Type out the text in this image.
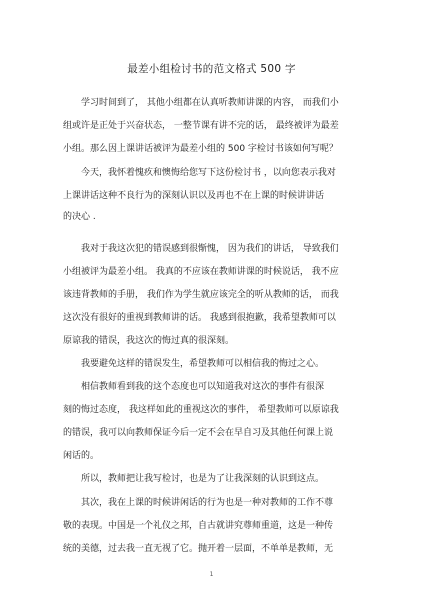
最差小组检讨书的范文格式 500 字
学习时间到了， 其他小组都在认真听教师讲课的内容， 而我们小
组或许是正处于兴奋状态， 一整节课有讲不完的话， 最终被评为最差
小组。那么因上课讲话被评为最差小组的 500 字检讨书该如何写呢？
今天，我怀着愧疚和懊悔给您写下这份检讨书 ，以向您表示我对
上课讲话这种不良行为的深刻认识以及再也不在上课的时候讲讲话
的决心 .
我对于我这次犯的错误感到很惭愧， 因为我们的讲话， 导致我们
小组被评为最差小组。 我真的不应该在教师讲课的时候说话， 我不应
该违背教师的手册， 我们作为学生就应该完全的听从教师的话， 而我
这次没有很好的重视到教师讲的话。 我感到很抱歉，我希望教师可以
原谅我的错误，我这次的悔过真的很深刻。
我要避免这样的错误发生，希望教师可以相信我的悔过之心。
相信教师看到我的这个态度也可以知道我对这次的事件有很深
刻的悔过态度， 我这样如此的重视这次的事件， 希望教师可以原谅我
的错误，我可以向教师保证今后一定不会在早自习及其他任何课上说
闲话的。
所以，教师把让我写检讨，也是为了让我深刻的认识到这点。
其次，我在上课的时候讲闲话的行为也是一种对教师的工作不尊
敬的表现。中国是一个礼仪之邦，自古就讲究尊师重道，这是一种传
统的美德，过去我一直无视了它。抛开着一层面，不单单是教师，无
1
